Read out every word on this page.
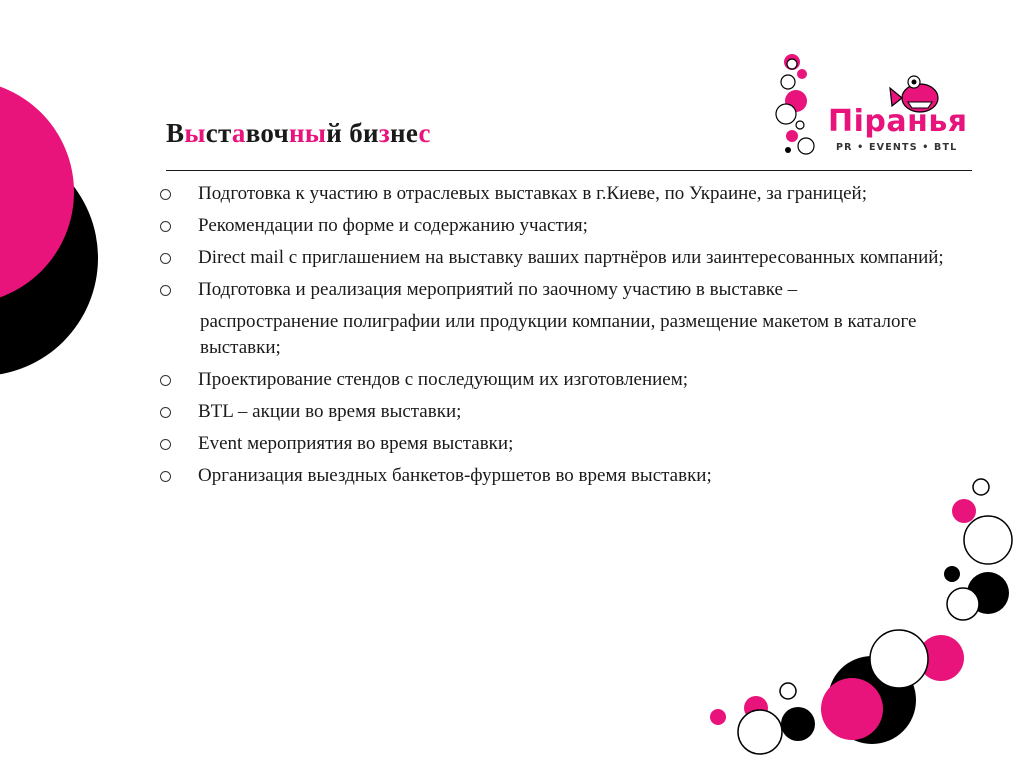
Піранья
PR • EVENTS • BTL
Выставочный бизнес
Подготовка к участию в отраслевых выставках в г.Киеве, по Украине, за границей;
Рекомендации по форме и содержанию участия;
Direct mail с приглашением на выставку ваших партнёров или заинтересованных компаний;
Подготовка и реализация мероприятий по заочному участию в выставке –
распространение полиграфии или продукции компании, размещение макетом в каталоге выставки;
Проектирование стендов с последующим их изготовлением;
BTL – акции во время выставки;
Event мероприятия во время выставки;
Организация выездных банкетов-фуршетов во время выставки;
